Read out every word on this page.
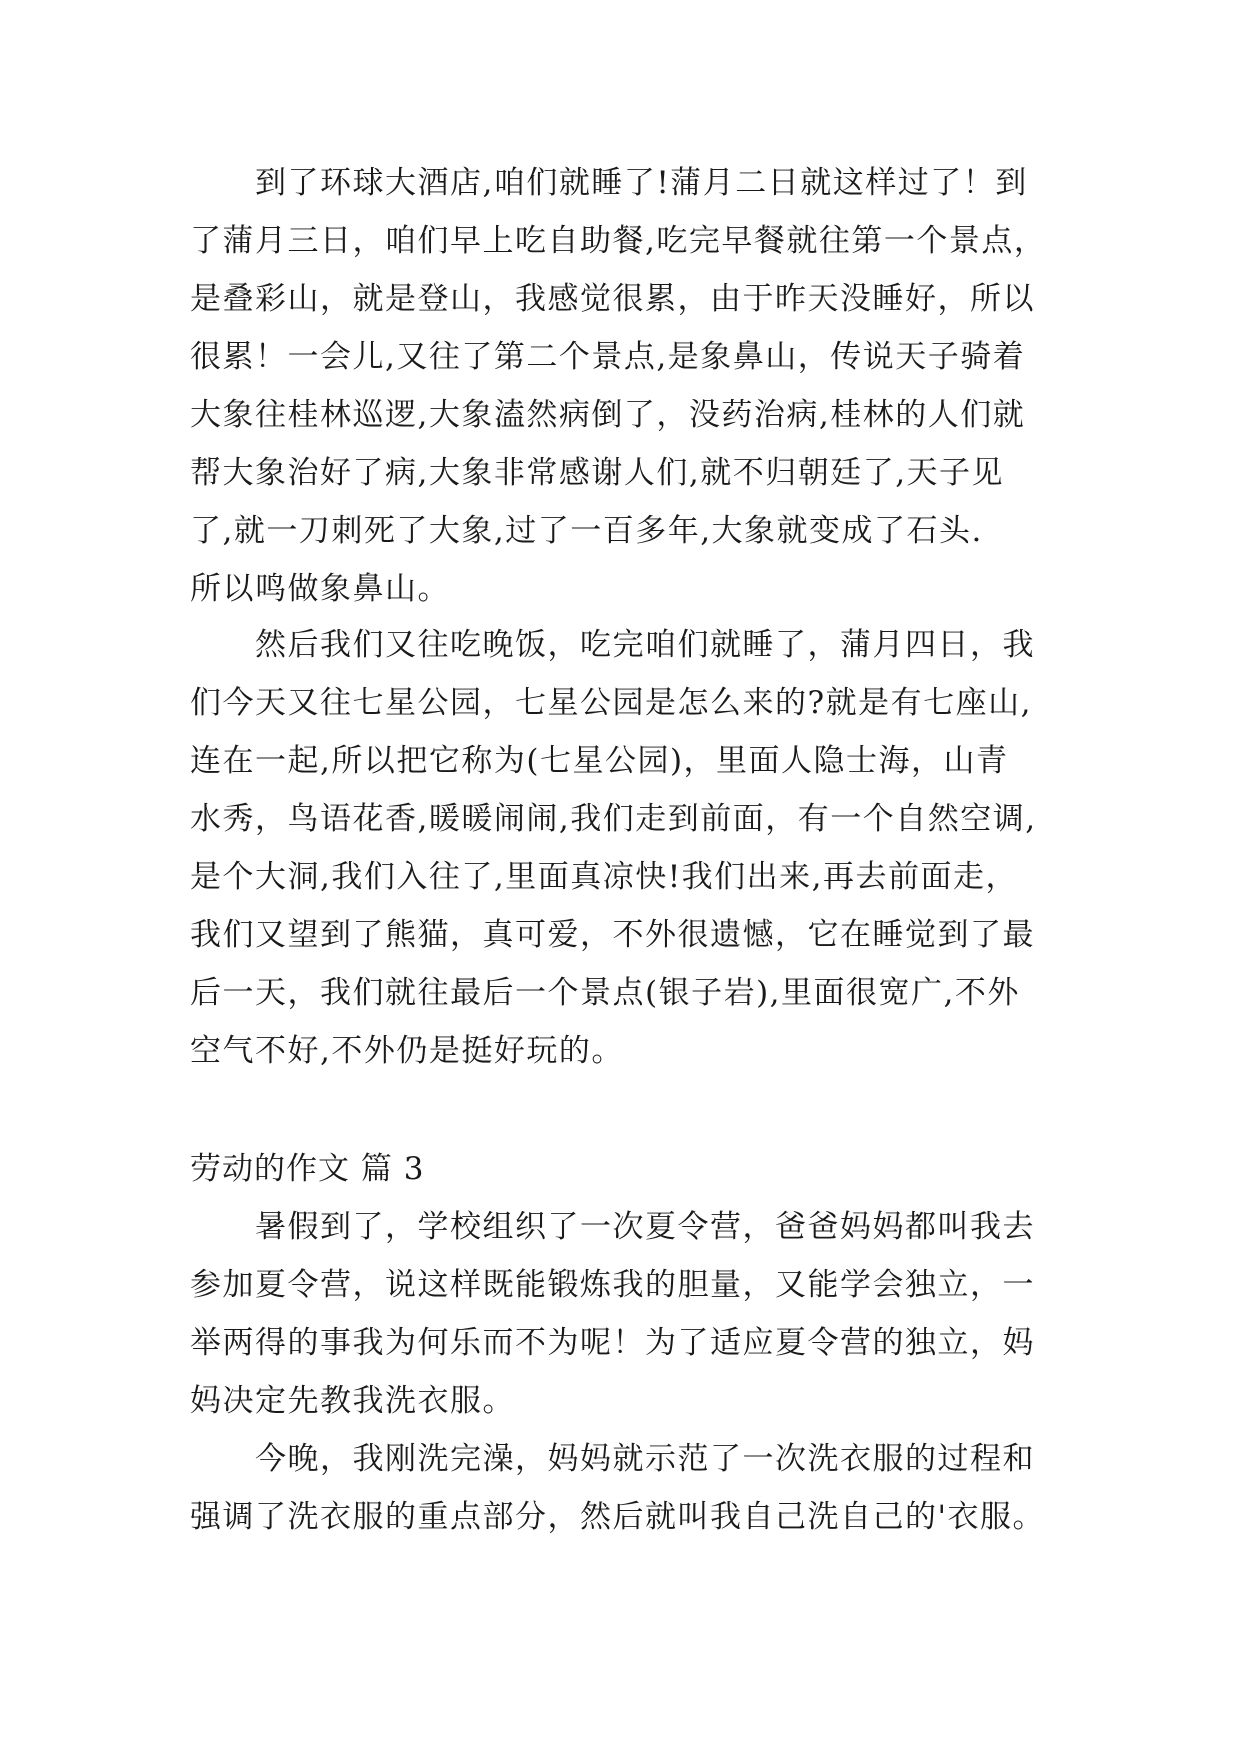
　　到了环球大酒店,咱们就睡了!蒲月二日就这样过了！到
了蒲月三日，咱们早上吃自助餐,吃完早餐就往第一个景点，
是叠彩山，就是登山，我感觉很累，由于昨天没睡好，所以
很累！一会儿,又往了第二个景点,是象鼻山，传说天子骑着
大象往桂林巡逻,大象溘然病倒了，没药治病,桂林的人们就
帮大象治好了病,大象非常感谢人们,就不归朝廷了,天子见
了,就一刀刺死了大象,过了一百多年,大象就变成了石头.
所以鸣做象鼻山。
　　然后我们又往吃晚饭，吃完咱们就睡了，蒲月四日，我
们今天又往七星公园，七星公园是怎么来的?就是有七座山,
连在一起,所以把它称为(七星公园)，里面人隐士海，山青
水秀，鸟语花香,暖暖闹闹,我们走到前面，有一个自然空调,
是个大洞,我们入往了,里面真凉快!我们出来,再去前面走，
我们又望到了熊猫，真可爱，不外很遗憾，它在睡觉到了最
后一天，我们就往最后一个景点(银子岩),里面很宽广,不外
空气不好,不外仍是挺好玩的。
劳动的作文 篇 3
　　暑假到了，学校组织了一次夏令营，爸爸妈妈都叫我去
参加夏令营，说这样既能锻炼我的胆量，又能学会独立，一
举两得的事我为何乐而不为呢！为了适应夏令营的独立，妈
妈决定先教我洗衣服。
　　今晚，我刚洗完澡，妈妈就示范了一次洗衣服的过程和
强调了洗衣服的重点部分，然后就叫我自己洗自己的'衣服。
